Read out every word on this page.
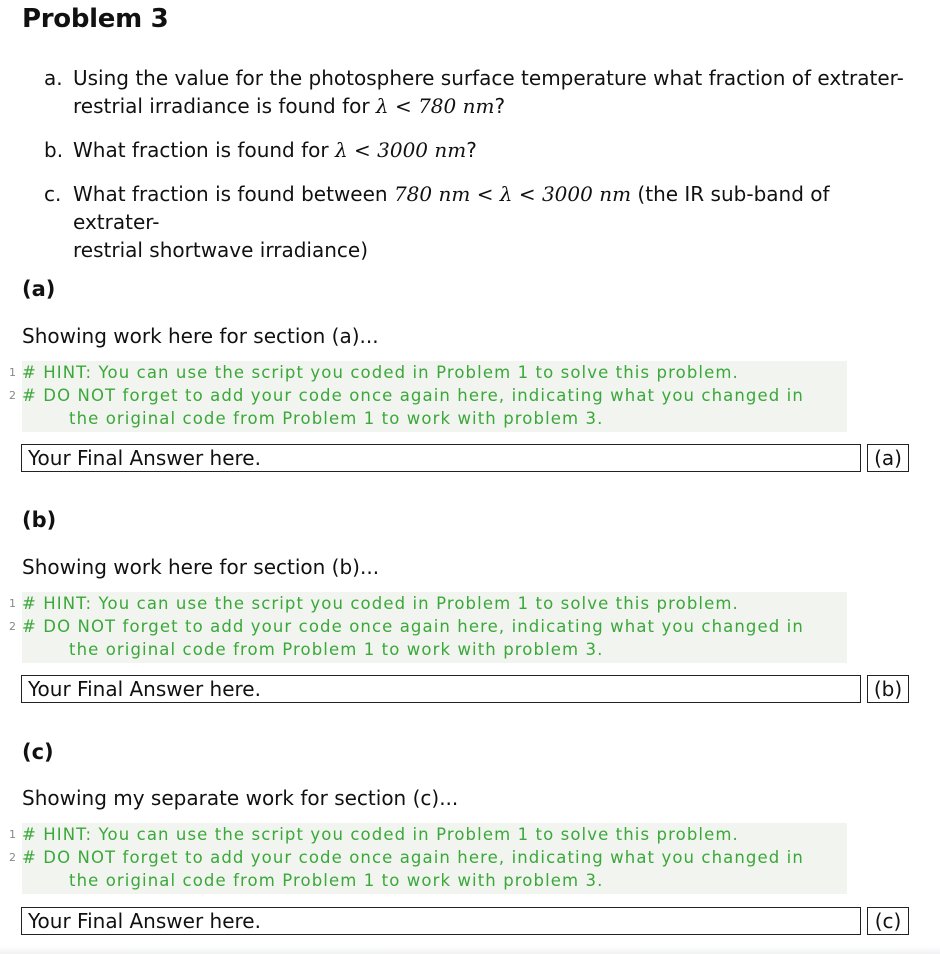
Problem 3
a. Using the value for the photosphere surface temperature what fraction of extrater-
restrial irradiance is found for λ < 780 nm?
b. What fraction is found for λ < 3000 nm?
c. What fraction is found between 780 nm < λ < 3000 nm (the IR sub-band of extrater-
restrial shortwave irradiance)
(a)
Showing work here for section (a)...
1 # HINT: You can use the script you coded in Problem 1 to solve this problem.
2 # DO NOT forget to add your code once again here, indicating what you changed in
the original code from Problem 1 to work with problem 3.
Your Final Answer here.	(a)
(b)
Showing work here for section (b)...
1 # HINT: You can use the script you coded in Problem 1 to solve this problem.
2 # DO NOT forget to add your code once again here, indicating what you changed in
the original code from Problem 1 to work with problem 3.
Your Final Answer here.	(b)
(c)
Showing my separate work for section (c)...
1 # HINT: You can use the script you coded in Problem 1 to solve this problem.
2 # DO NOT forget to add your code once again here, indicating what you changed in
the original code from Problem 1 to work with problem 3.
Your Final Answer here.	(c)
